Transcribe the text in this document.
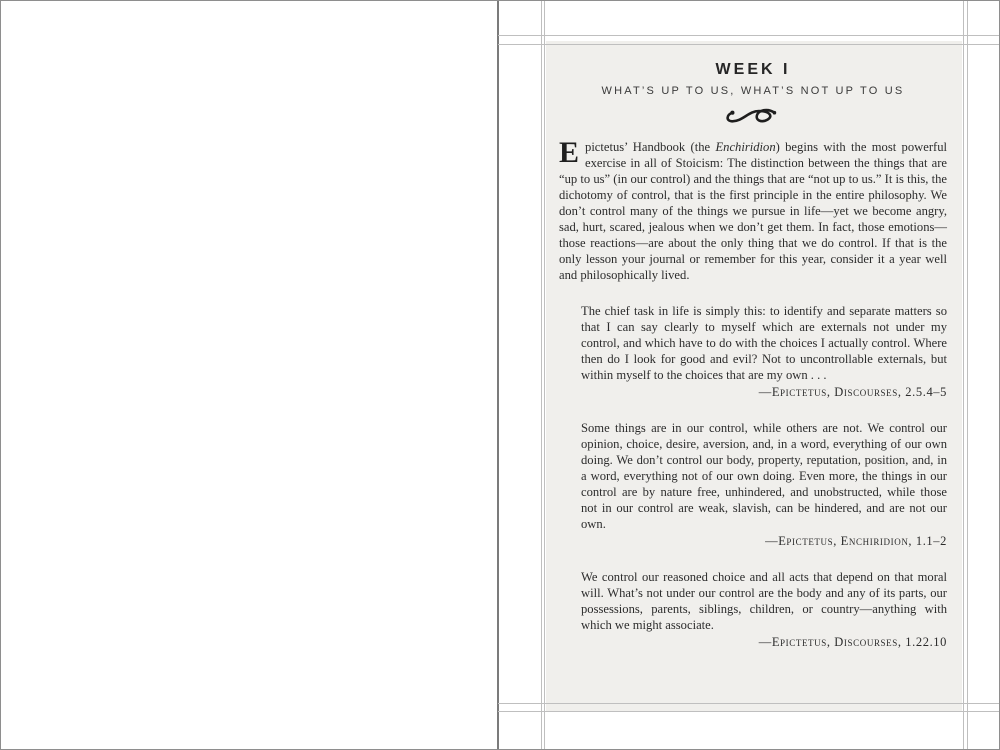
WEEK I
WHAT’S UP TO US, WHAT’S NOT UP TO US

Epictetus’ Handbook (the Enchiridion) begins with the most powerful exercise in all of Stoicism: The distinction between the things that are “up to us” (in our control) and the things that are “not up to us.” It is this, the dichotomy of control, that is the first principle in the entire philosophy. We don’t control many of the things we pursue in life—yet we become angry, sad, hurt, scared, jealous when we don’t get them. In fact, those emotions—those reactions—are about the only thing that we do control. If that is the only lesson your journal or remember for this year, consider it a year well and philosophically lived.

The chief task in life is simply this: to identify and separate matters so that I can say clearly to myself which are externals not under my control, and which have to do with the choices I actually control. Where then do I look for good and evil? Not to uncontrollable externals, but within myself to the choices that are my own . . .

—Epictetus, Discourses, 2.5.4–5

Some things are in our control, while others are not. We control our opinion, choice, desire, aversion, and, in a word, everything of our own doing. We don’t control our body, property, reputation, position, and, in a word, everything not of our own doing. Even more, the things in our control are by nature free, unhindered, and unobstructed, while those not in our control are weak, slavish, can be hindered, and are not our own.

—Epictetus, Enchiridion, 1.1–2

We control our reasoned choice and all acts that depend on that moral will. What’s not under our control are the body and any of its parts, our possessions, parents, siblings, children, or country—anything with which we might associate.

—Epictetus, Discourses, 1.22.10
